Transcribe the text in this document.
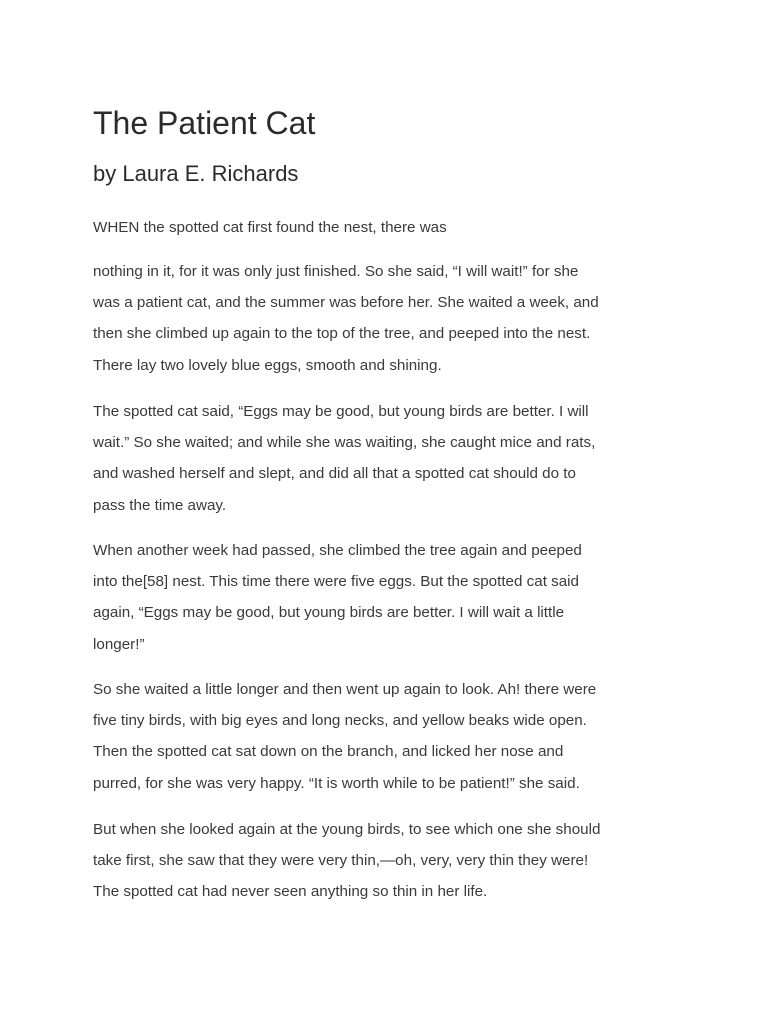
The Patient Cat
by Laura E. Richards

WHEN the spotted cat first found the nest, there was

nothing in it, for it was only just finished. So she said, “I will wait!” for she
was a patient cat, and the summer was before her. She waited a week, and
then she climbed up again to the top of the tree, and peeped into the nest.
There lay two lovely blue eggs, smooth and shining.

The spotted cat said, “Eggs may be good, but young birds are better. I will
wait.” So she waited; and while she was waiting, she caught mice and rats,
and washed herself and slept, and did all that a spotted cat should do to
pass the time away.

When another week had passed, she climbed the tree again and peeped
into the[58] nest. This time there were five eggs. But the spotted cat said
again, “Eggs may be good, but young birds are better. I will wait a little
longer!”

So she waited a little longer and then went up again to look. Ah! there were
five tiny birds, with big eyes and long necks, and yellow beaks wide open.
Then the spotted cat sat down on the branch, and licked her nose and
purred, for she was very happy. “It is worth while to be patient!” she said.

But when she looked again at the young birds, to see which one she should
take first, she saw that they were very thin,—oh, very, very thin they were!
The spotted cat had never seen anything so thin in her life.
